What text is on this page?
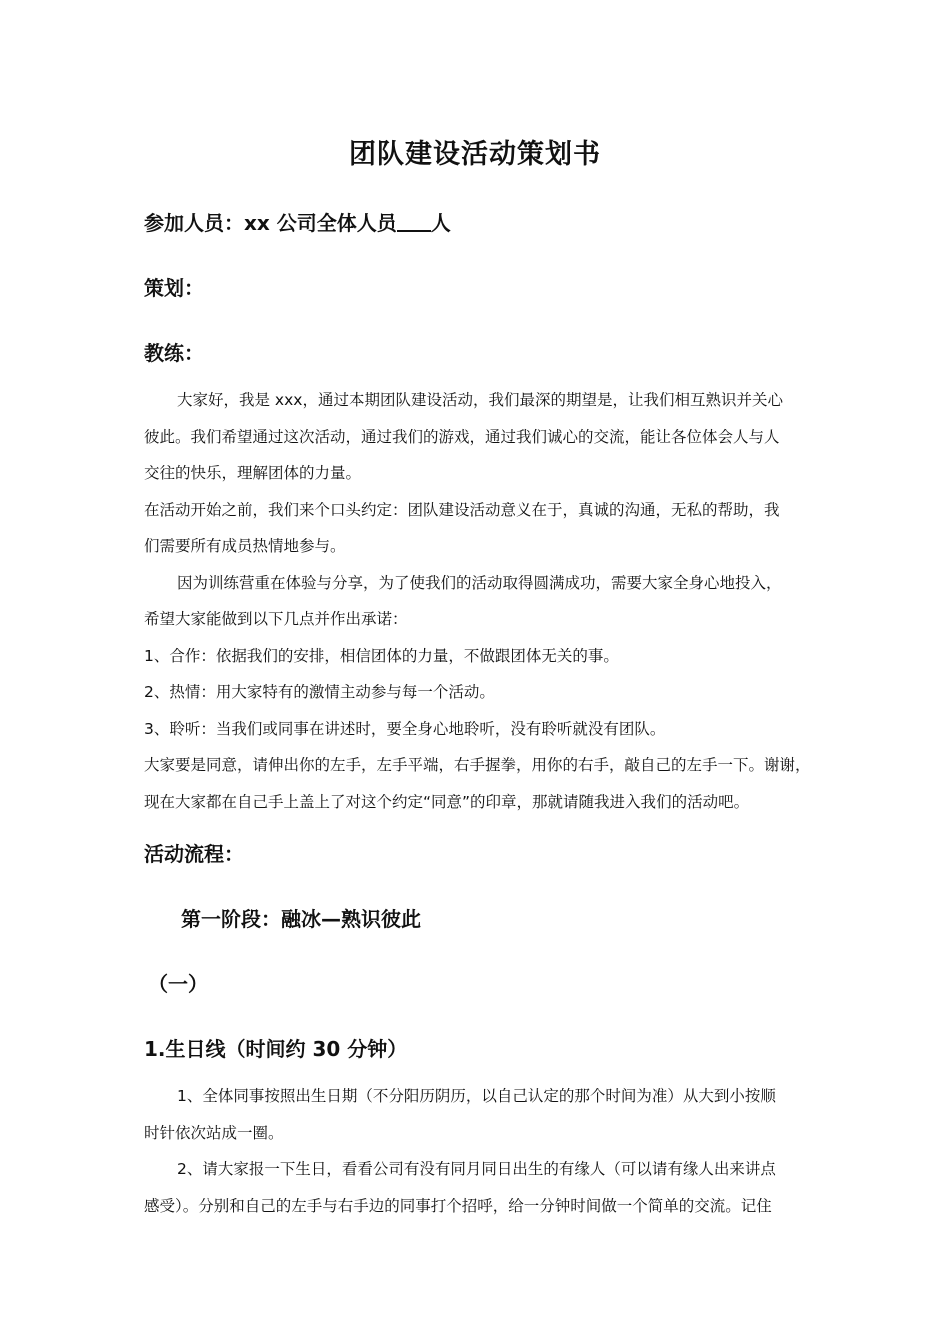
团队建设活动策划书
参加人员：xx 公司全体人员 人
策划：
教练：
大家好，我是 xxx，通过本期团队建设活动，我们最深的期望是，让我们相互熟识并关心
彼此。我们希望通过这次活动，通过我们的游戏，通过我们诚心的交流，能让各位体会人与人
交往的快乐，理解团体的力量。
在活动开始之前，我们来个口头约定：团队建设活动意义在于，真诚的沟通，无私的帮助，我
们需要所有成员热情地参与。
因为训练营重在体验与分享，为了使我们的活动取得圆满成功，需要大家全身心地投入，
希望大家能做到以下几点并作出承诺：
1、合作：依据我们的安排，相信团体的力量，不做跟团体无关的事。
2、热情：用大家特有的激情主动参与每一个活动。
3、聆听：当我们或同事在讲述时，要全身心地聆听，没有聆听就没有团队。
大家要是同意，请伸出你的左手，左手平端，右手握拳，用你的右手，敲自己的左手一下。谢谢，
现在大家都在自己手上盖上了对这个约定“同意”的印章，那就请随我进入我们的活动吧。
活动流程：
第一阶段：融冰—熟识彼此
（一）
1.生日线（时间约 30 分钟）
1、全体同事按照出生日期（不分阳历阴历，以自己认定的那个时间为准）从大到小按顺
时针依次站成一圈。
2、请大家报一下生日，看看公司有没有同月同日出生的有缘人（可以请有缘人出来讲点
感受）。分别和自己的左手与右手边的同事打个招呼，给一分钟时间做一个简单的交流。记住
